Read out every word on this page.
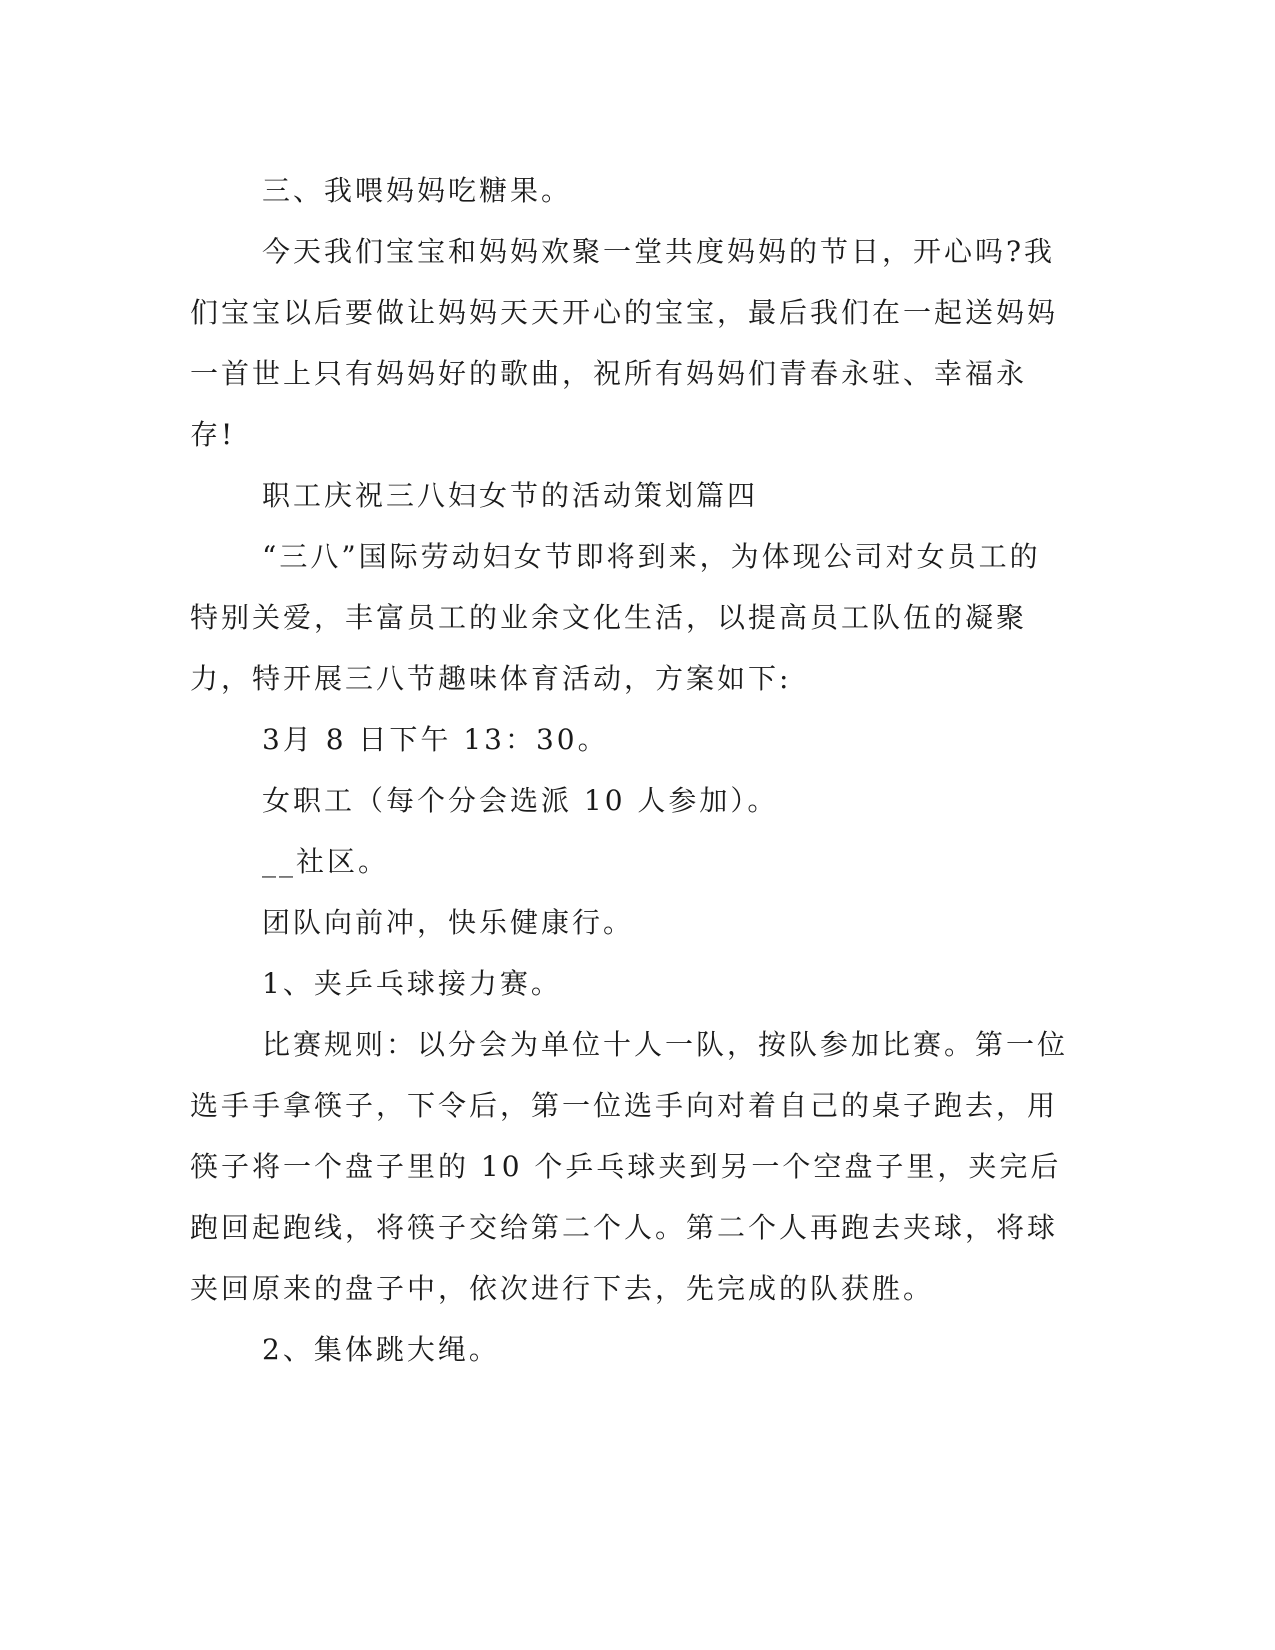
三、我喂妈妈吃糖果。

今天我们宝宝和妈妈欢聚一堂共度妈妈的节日，开心吗?我们宝宝以后要做让妈妈天天开心的宝宝，最后我们在一起送妈妈一首世上只有妈妈好的歌曲，祝所有妈妈们青春永驻、幸福永存!

职工庆祝三八妇女节的活动策划篇四

“三八”国际劳动妇女节即将到来，为体现公司对女员工的特别关爱，丰富员工的业余文化生活，以提高员工队伍的凝聚力，特开展三八节趣味体育活动，方案如下:

3月 8 日下午 13：30。

女职工（每个分会选派 10 人参加）。

__社区。

团队向前冲，快乐健康行。

1、夹乒乓球接力赛。

比赛规则：以分会为单位十人一队，按队参加比赛。第一位选手手拿筷子，下令后，第一位选手向对着自己的桌子跑去，用筷子将一个盘子里的 10 个乒乓球夹到另一个空盘子里，夹完后跑回起跑线，将筷子交给第二个人。第二个人再跑去夹球，将球夹回原来的盘子中，依次进行下去，先完成的队获胜。

2、集体跳大绳。
